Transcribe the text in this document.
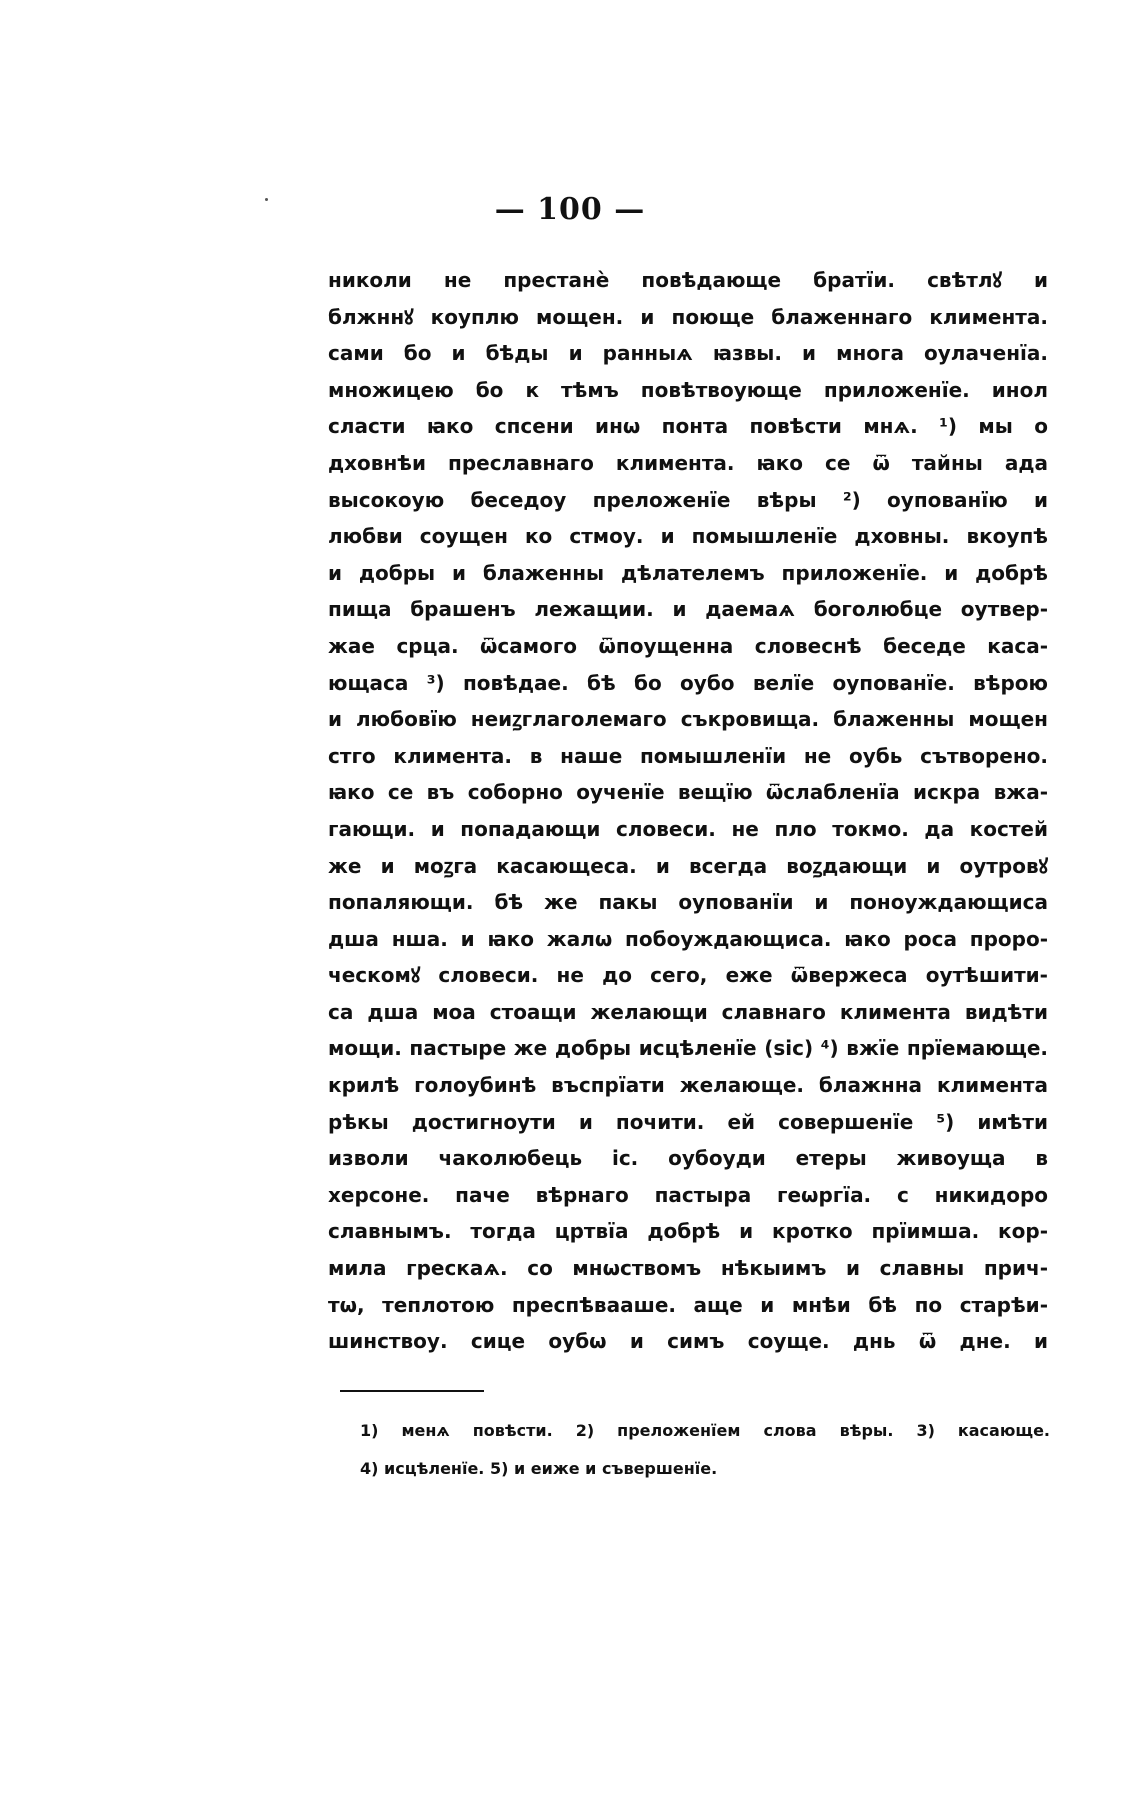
— 100 —
николи не престанѐ повѣдающе братїи. свѣтлꙋ и
блжннꙋ коуплю мощен. и поюще блаженнаго климента.
сами бо и бѣды и ранныѧ ꙗзвы. и многа оулаченїа.
множицею бо к тѣмъ повѣтвоующе приложенїе. инол
сласти ꙗко спсени инѡ понта повѣсти мнѧ. ¹) мы о
дховнѣи преславнаго климента. ꙗко се ѿ тайны ада
высокоую беседоу преложенїе вѣры ²) оупованїю и
любви соущен ко стмоу. и помышленїе дховны. вкоупѣ
и добры и блаженны дѣлателемъ приложенїе. и добрѣ
пища брашенъ лежащии. и даемаѧ боголюбце оутвер-
жае срца. ѿсамого ѿпоущенна словеснѣ беседе каса-
ющаса ³) повѣдае. бѣ бо оубо велїе оупованїе. вѣрою
и любовїю неиꙁглаголемаго съкровища. блаженны мощен
стго климента. в наше помышленїи не оубь сътворено.
ꙗко се въ соборно оученїе вещїю ѿслабленїа искра вжа-
гающи. и попадающи словеси. не пло токмо. да костей
же и моꙁга касающеса. и всегда воꙁдающи и оутровꙋ
попаляющи. бѣ же пакы оупованїи и поноуждающиса
дша нша. и ꙗко жалѡ побоуждающиса. ꙗко роса проро-
ческомꙋ словеси. не до сего, еже ѿвержеса оутѣшити-
са дша моа стоащи желающи славнаго климента видѣти
мощи. пастыре же добры исцѣленїе (sic) ⁴) вжїе прїемающе.
крилѣ голоубинѣ въспрїати желающе. блажнна климента
рѣкы достигноути и почити. ей совершенїе ⁵) имѣти
изволи чаколюбець іс. оубоуди етеры живоуща в
херсоне. паче вѣрнаго пастыра геѡргїа. с никидоро
славнымъ. тогда цртвїа добрѣ и кротко прїимша. кор-
мила грескаѧ. со мнѡствомъ нѣкыимъ и славны прич-
тѡ, теплотою преспѣвааше. аще и мнѣи бѣ по старѣи-
шинствоу. сице оубѡ и симъ соуще. днь ѿ дне. и
1) менѧ повѣсти. 2) преложенїем слова вѣры. 3) касающе.
4) исцѣленїе. 5) и еиже и съвершенїе.
